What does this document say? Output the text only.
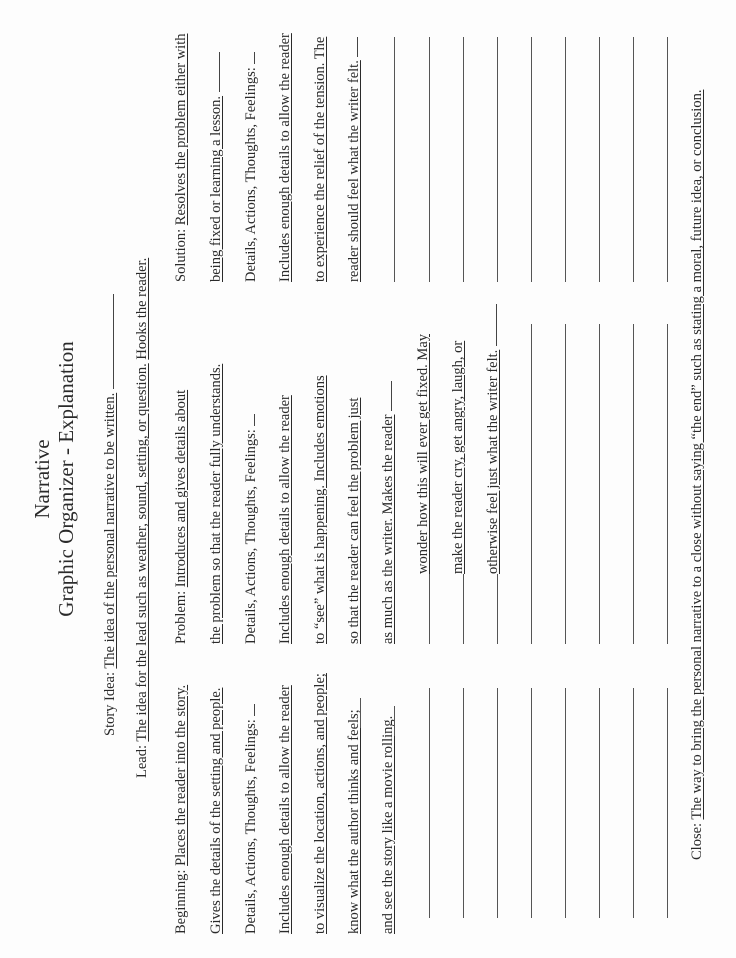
Narrative Graphic Organizer - Explanation
Story Idea: The idea of the personal narrative to be written.
Lead: The idea for the lead such as weather, sound, setting, or question. Hooks the reader.
Beginning: Places the reader into the story. Gives the details of the setting and people. Details, Actions, Thoughts, Feelings: Includes enough details to allow the reader to visualize the location, actions, and people; know what the author thinks and feels; and see the story like a movie rolling.
Problem: Introduces and gives details about the problem so that the reader fully understands. Details, Actions, Thoughts, Feelings: Includes enough details to allow the reader to “see” what is happening. Includes emotions so that the reader can feel the problem just as much as the writer. Makes the reader wonder how this will ever get fixed. May make the reader cry, get angry, laugh, or otherwise feel just what the writer felt.
Solution: Resolves the problem either with being fixed or learning a lesson. Details, Actions, Thoughts, Feelings: Includes enough details to allow the reader to experience the relief of the tension. The reader should feel what the writer felt.
Close: The way to bring the personal narrative to a close without saying “the end” such as stating a moral, future idea, or conclusion.
